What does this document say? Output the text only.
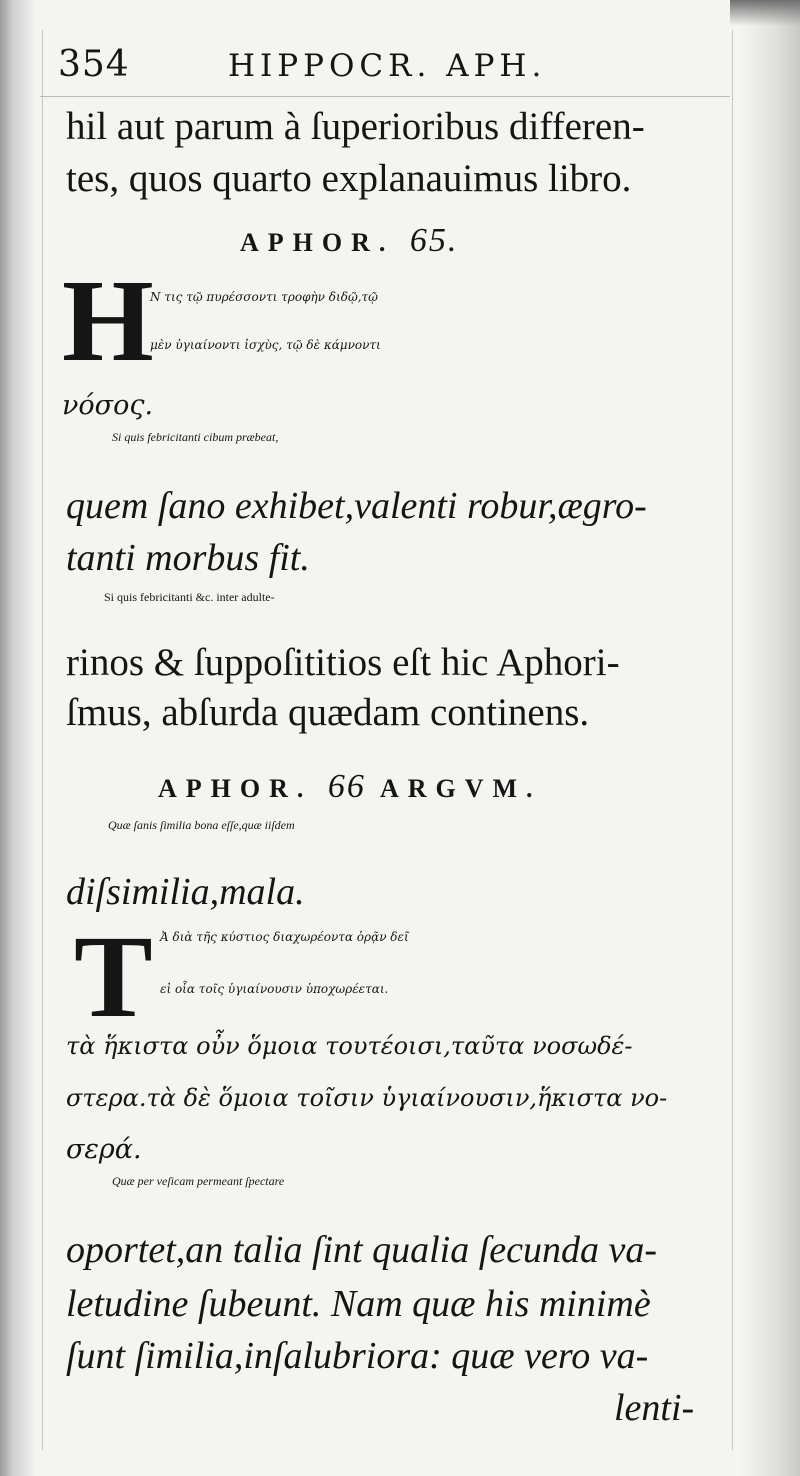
354	HIPPOCR. APH.
hil aut parum à ſuperioribus differen-
tes, quos quarto explanauimus libro.
APHOR. 65.
H
Ν τις τῷ πυρέσσοντι τροφὴν διδῷ,τῷ
μὲν ὑγιαίνοντι ἰσχὺς, τῷ δὲ κάμνοντι
νόσος.
Si quis febricitanti cibum præbeat,
quem ſano exhibet,valenti robur,ægro-
tanti morbus fit.
Si quis febricitanti &c. inter adulte-
rinos & ſuppoſititios eſt hic Aphori-
ſmus, abſurda quædam continens.
APHOR. 66 ARGVM.
Quæ ſanis ſimilia bona eſſe,quæ iiſdem
diſsimilia,mala.
T Ἀ διὰ τῆς κύστιος διαχωρέοντα ὁρᾷν δεῖ
εἰ οἷα τοῖς ὑγιαίνουσιν ὑποχωρέεται.
τὰ ἥκιστα οὖν ὅμοια τουτέοισι,ταῦτα νοσωδέ-
στερα.τὰ δὲ ὅμοια τοῖσιν ὑγιαίνουσιν,ἥκιστα νο-
σερά.
Quæ per veſicam permeant ſpectare
oportet,an talia ſint qualia ſecunda va-
letudine ſubeunt. Nam quæ his minimè
ſunt ſimilia,inſalubriora: quæ vero va-
lenti-
